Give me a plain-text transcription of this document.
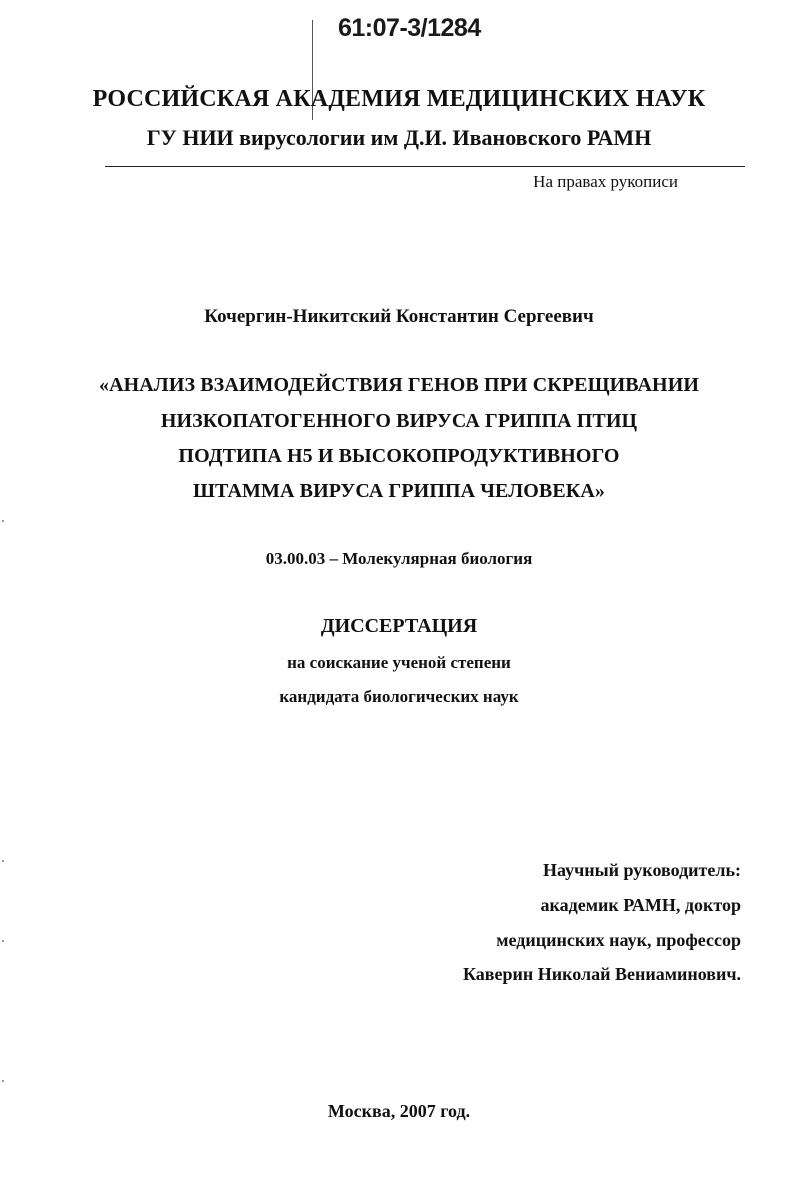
61:07-3/1284
РОССИЙСКАЯ АКАДЕМИЯ МЕДИЦИНСКИХ НАУК
ГУ НИИ вирусологии им Д.И. Ивановского РАМН
На правах рукописи
Кочергин-Никитский Константин Сергеевич
«АНАЛИЗ ВЗАИМОДЕЙСТВИЯ ГЕНОВ ПРИ СКРЕЩИВАНИИ
НИЗКОПАТОГЕННОГО ВИРУСА ГРИППА ПТИЦ
ПОДТИПА Н5 И ВЫСОКОПРОДУКТИВНОГО
ШТАММА ВИРУСА ГРИППА ЧЕЛОВЕКА»
03.00.03 – Молекулярная биология
ДИССЕРТАЦИЯ
на соискание ученой степени
кандидата биологических наук
Научный руководитель:
академик РАМН, доктор
медицинских наук, профессор
Каверин Николай Вениаминович.
Москва, 2007 год.
